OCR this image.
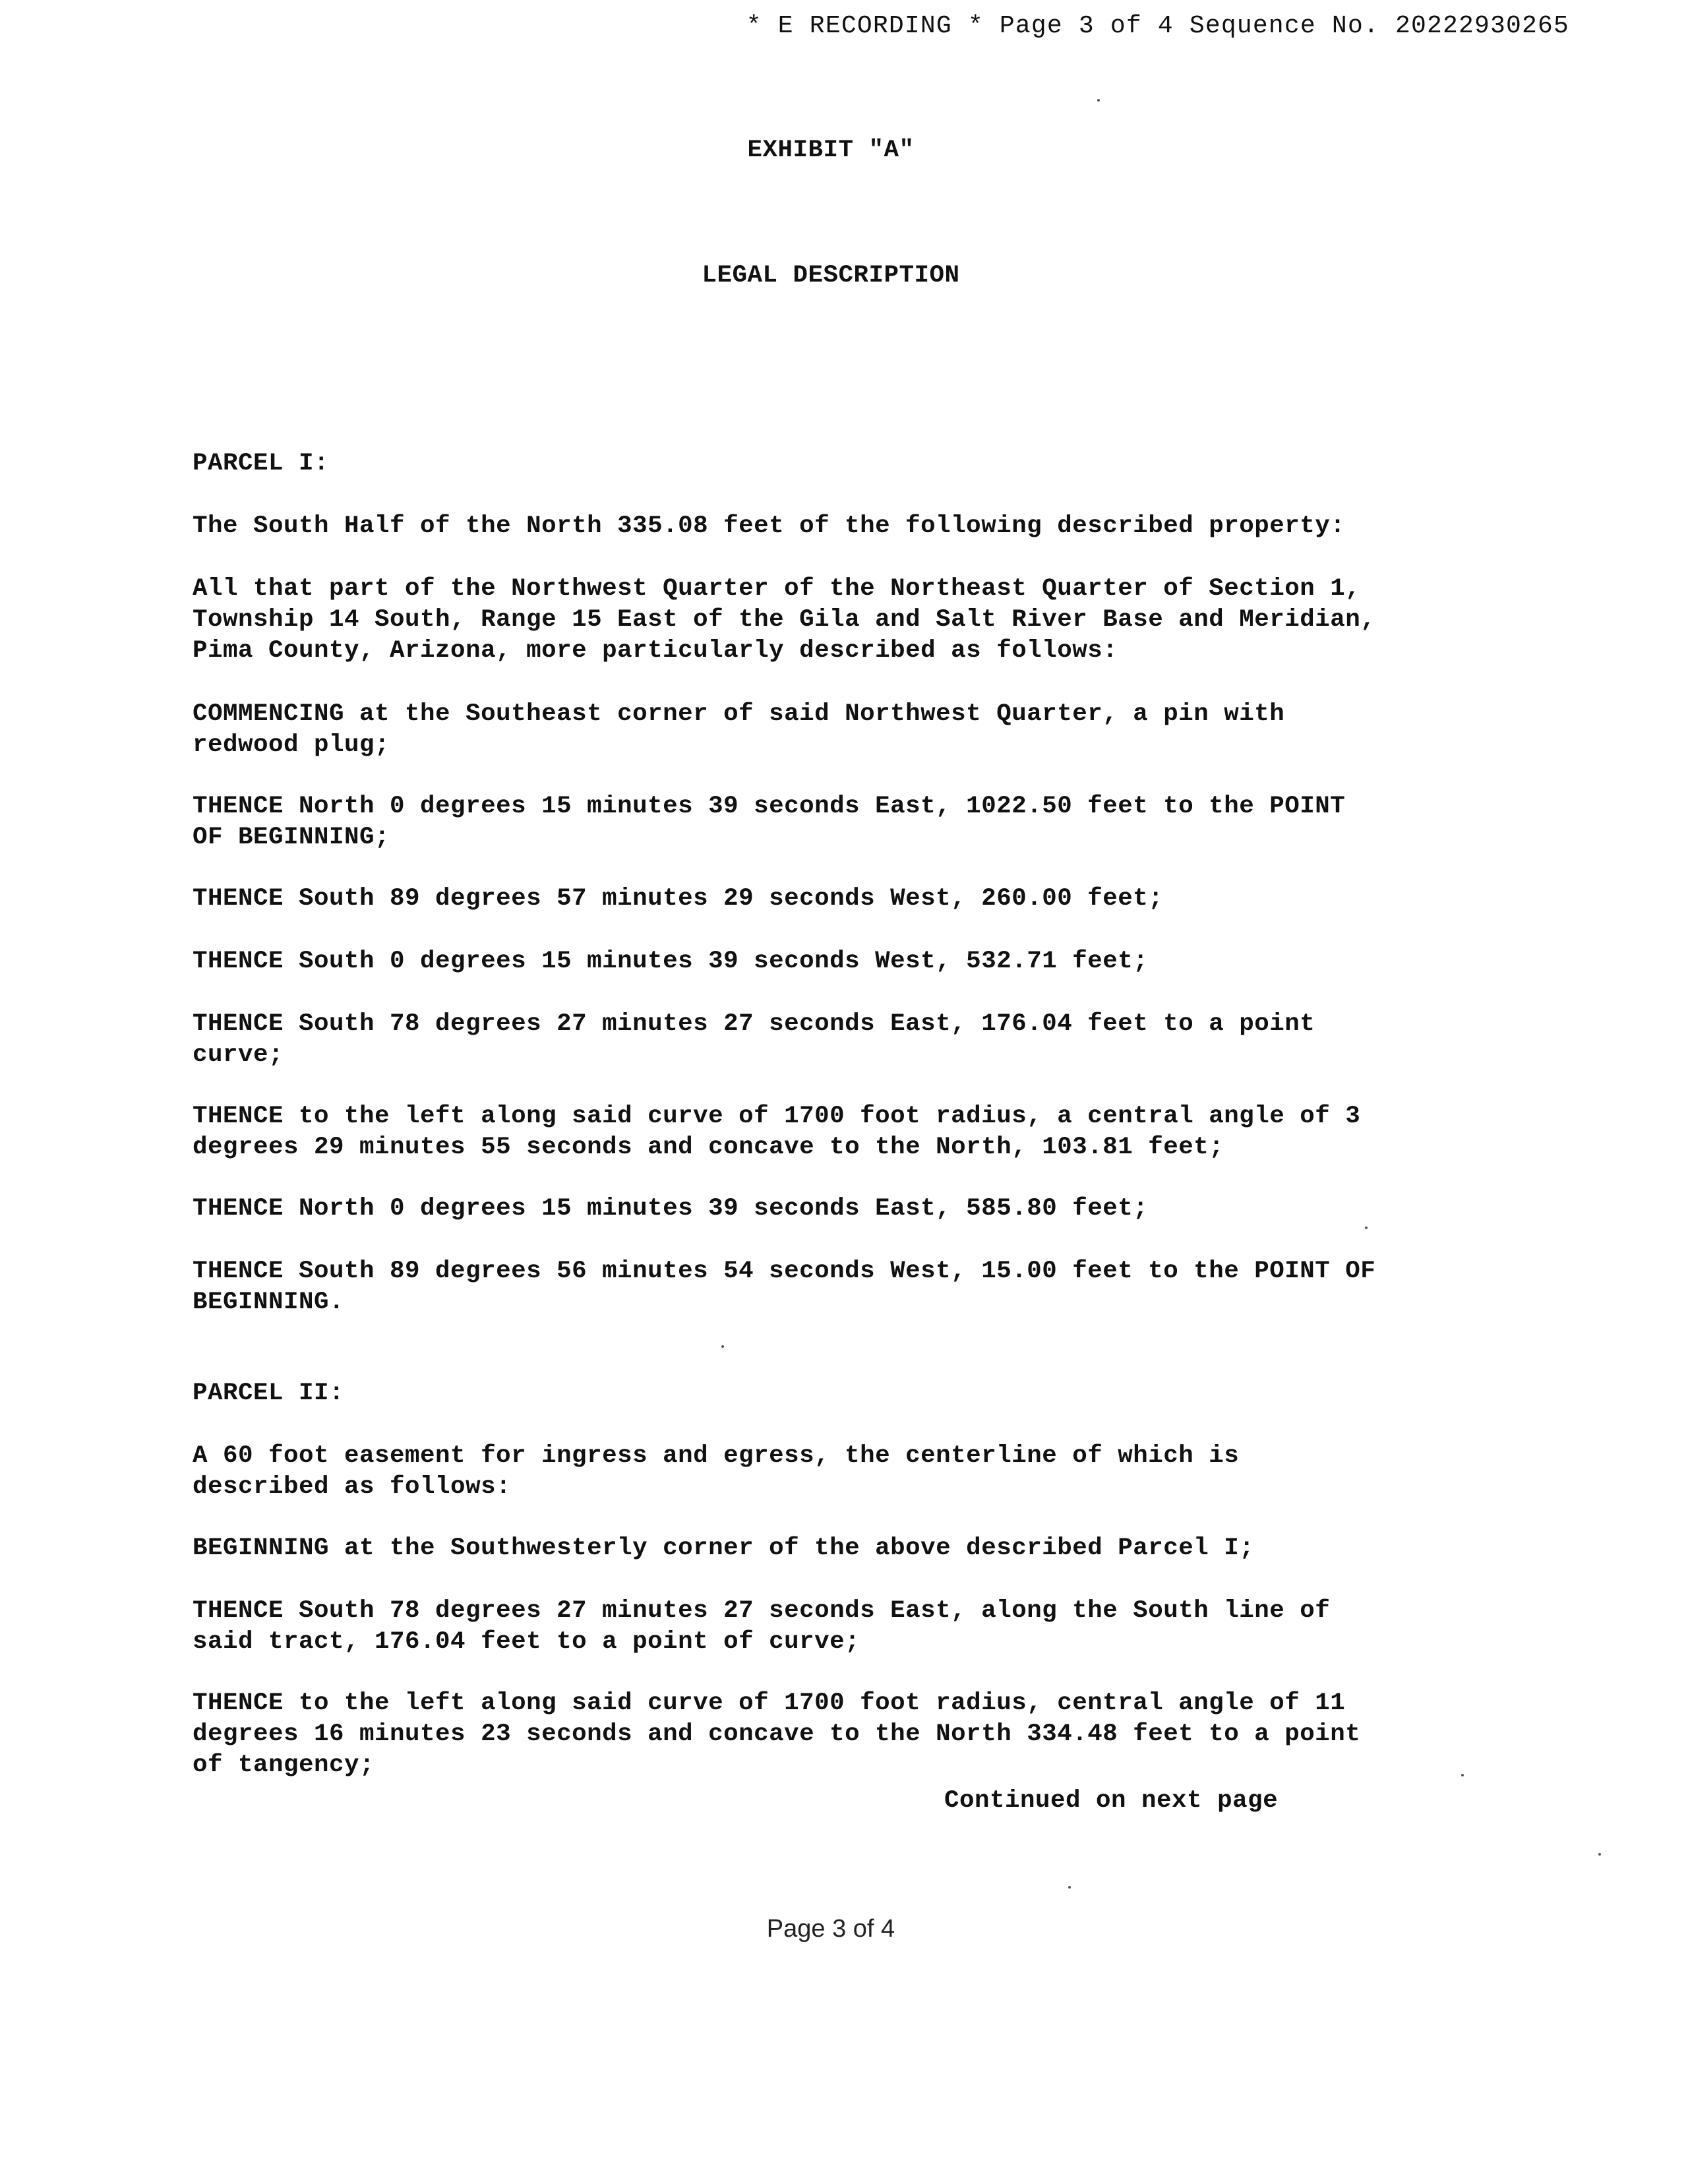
* E RECORDING * Page 3 of 4 Sequence No. 20222930265
EXHIBIT "A"
LEGAL DESCRIPTION
PARCEL I:
The South Half of the North 335.08 feet of the following described property:
All that part of the Northwest Quarter of the Northeast Quarter of Section 1,
Township 14 South, Range 15 East of the Gila and Salt River Base and Meridian,
Pima County, Arizona, more particularly described as follows:
COMMENCING at the Southeast corner of said Northwest Quarter, a pin with
redwood plug;
THENCE North 0 degrees 15 minutes 39 seconds East, 1022.50 feet to the POINT
OF BEGINNING;
THENCE South 89 degrees 57 minutes 29 seconds West, 260.00 feet;
THENCE South 0 degrees 15 minutes 39 seconds West, 532.71 feet;
THENCE South 78 degrees 27 minutes 27 seconds East, 176.04 feet to a point
curve;
THENCE to the left along said curve of 1700 foot radius, a central angle of 3
degrees 29 minutes 55 seconds and concave to the North, 103.81 feet;
THENCE North 0 degrees 15 minutes 39 seconds East, 585.80 feet;
THENCE South 89 degrees 56 minutes 54 seconds West, 15.00 feet to the POINT OF
BEGINNING.
PARCEL II:
A 60 foot easement for ingress and egress, the centerline of which is
described as follows:
BEGINNING at the Southwesterly corner of the above described Parcel I;
THENCE South 78 degrees 27 minutes 27 seconds East, along the South line of
said tract, 176.04 feet to a point of curve;
THENCE to the left along said curve of 1700 foot radius, central angle of 11
degrees 16 minutes 23 seconds and concave to the North 334.48 feet to a point
of tangency;
Continued on next page
Page 3 of 4
